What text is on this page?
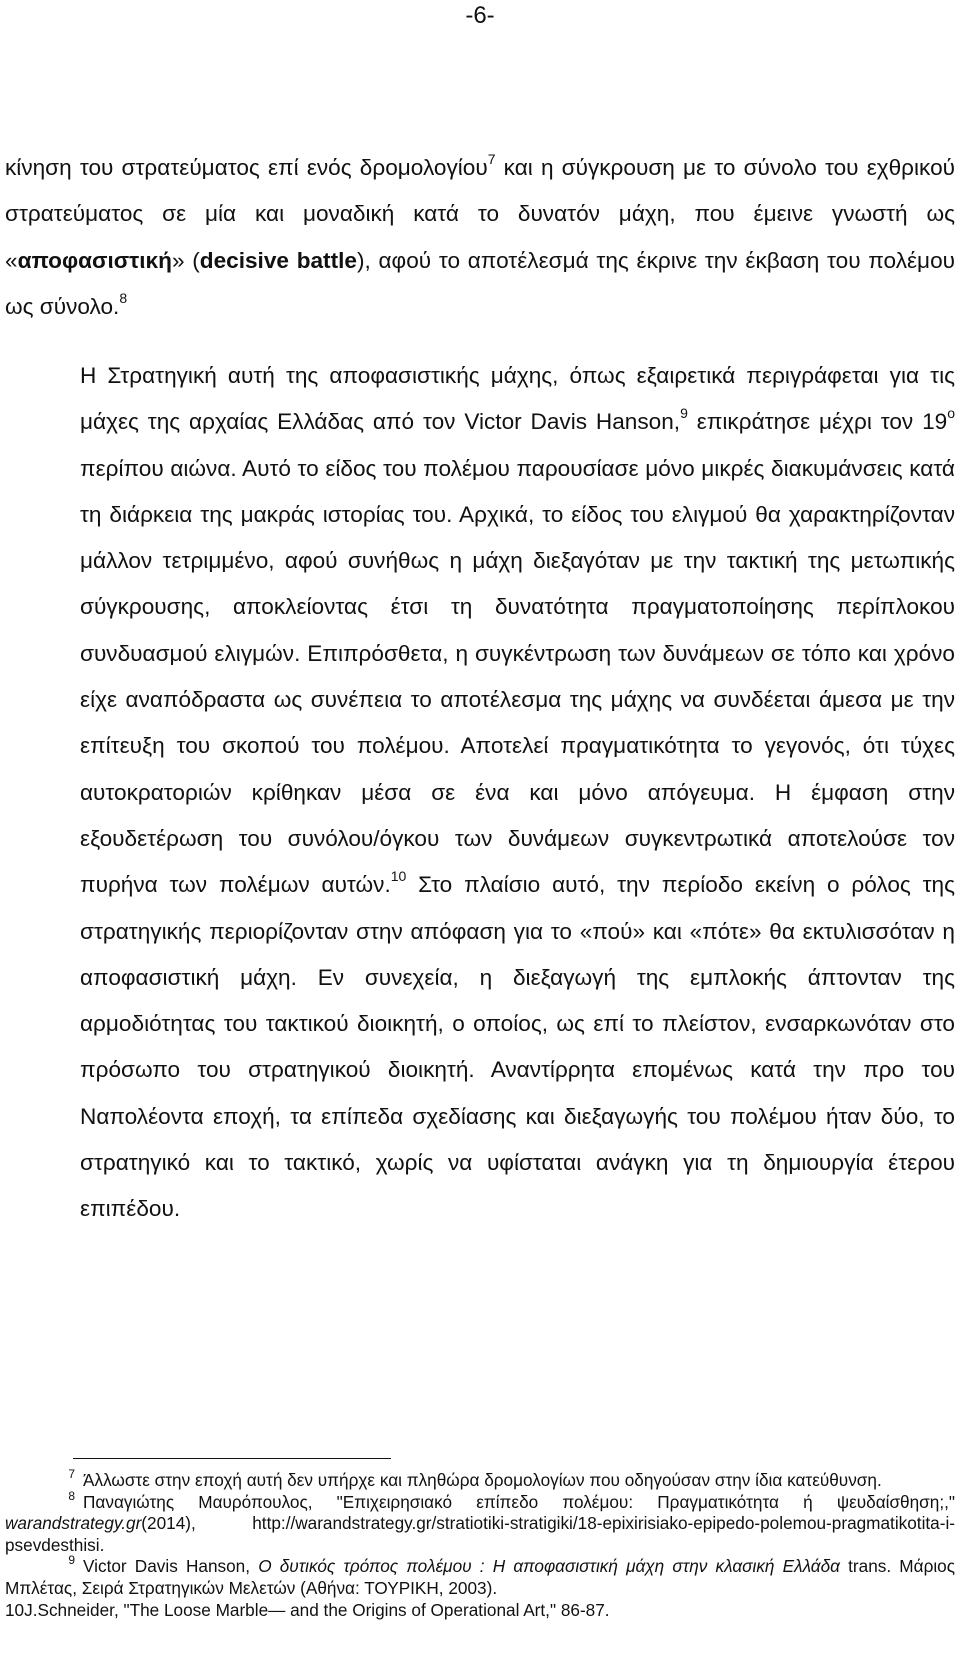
-6-

κίνηση του στρατεύματος επί ενός δρομολογίου$^7$ και η σύγκρουση με το σύνολο του εχθρικού στρατεύματος σε μία και μοναδική κατά το δυνατόν μάχη, που έμεινε γνωστή ως «αποφασιστική» (decisive battle), αφού το αποτέλεσμά της έκρινε την έκβαση του πολέμου ως σύνολο.$^8$

Η Στρατηγική αυτή της αποφασιστικής μάχης, όπως εξαιρετικά περιγράφεται για τις μάχες της αρχαίας Ελλάδας από τον Victor Davis Hanson,$^9$ επικράτησε μέχρι τον $19^o$ περίπου αιώνα. Αυτό το είδος του πολέμου παρουσίασε μόνο μικρές διακυμάνσεις κατά τη διάρκεια της μακράς ιστορίας του. Αρχικά, το είδος του ελιγμού θα χαρακτηρίζονταν μάλλον τετριμμένο, αφού συνήθως η μάχη διεξαγόταν με την τακτική της μετωπικής σύγκρουσης, αποκλείοντας έτσι τη δυνατότητα πραγματοποίησης περίπλοκου συνδυασμού ελιγμών. Επιπρόσθετα, η συγκέντρωση των δυνάμεων σε τόπο και χρόνο είχε αναπόδραστα ως συνέπεια το αποτέλεσμα της μάχης να συνδέεται άμεσα με την επίτευξη του σκοπού του πολέμου. Αποτελεί πραγματικότητα το γεγονός, ότι τύχες αυτοκρατοριών κρίθηκαν μέσα σε ένα και μόνο απόγευμα. Η έμφαση στην εξουδετέρωση του συνόλου/όγκου των δυνάμεων συγκεντρωτικά αποτελούσε τον πυρήνα των πολέμων αυτών.$^{10}$ Στο πλαίσιο αυτό, την περίοδο εκείνη ο ρόλος της στρατηγικής περιορίζονταν στην απόφαση για το «πού» και «πότε» θα εκτυλισσόταν η αποφασιστική μάχη. Εν συνεχεία, η διεξαγωγή της εμπλοκής άπτονταν της αρμοδιότητας του τακτικού διοικητή, ο οποίος, ως επί το πλείστον, ενσαρκωνόταν στο πρόσωπο του στρατηγικού διοικητή. Αναντίρρητα επομένως κατά την προ του Ναπολέοντα εποχή, τα επίπεδα σχεδίασης και διεξαγωγής του πολέμου ήταν δύο, το στρατηγικό και το τακτικό, χωρίς να υφίσταται ανάγκη για τη δημιουργία έτερου επιπέδου.

7 Άλλωστε στην εποχή αυτή δεν υπήρχε και πληθώρα δρομολογίων που οδηγούσαν στην ίδια κατεύθυνση.

8 Παναγιώτης Μαυρόπουλος, "Επιχειρησιακό επίπεδο πολέμου: Πραγματικότητα ή ψευδαίσθηση;," warandstrategy.gr(2014), http://warandstrategy.gr/stratiotiki-stratigiki/18-epixirisiako-epipedo-polemou-pragmatikotita-i-psevdesthisi.

9 Victor Davis Hanson, Ο δυτικός τρόπος πολέμου : Η αποφασιστική μάχη στην κλασική Ελλάδα trans. Μάριος Μπλέτας, Σειρά Στρατηγικών Μελετών (Αθήνα: ΤΟΥΡΙΚΗ, 2003).

10J.Schneider, "The Loose Marble— and the Origins of Operational Art," 86-87.
